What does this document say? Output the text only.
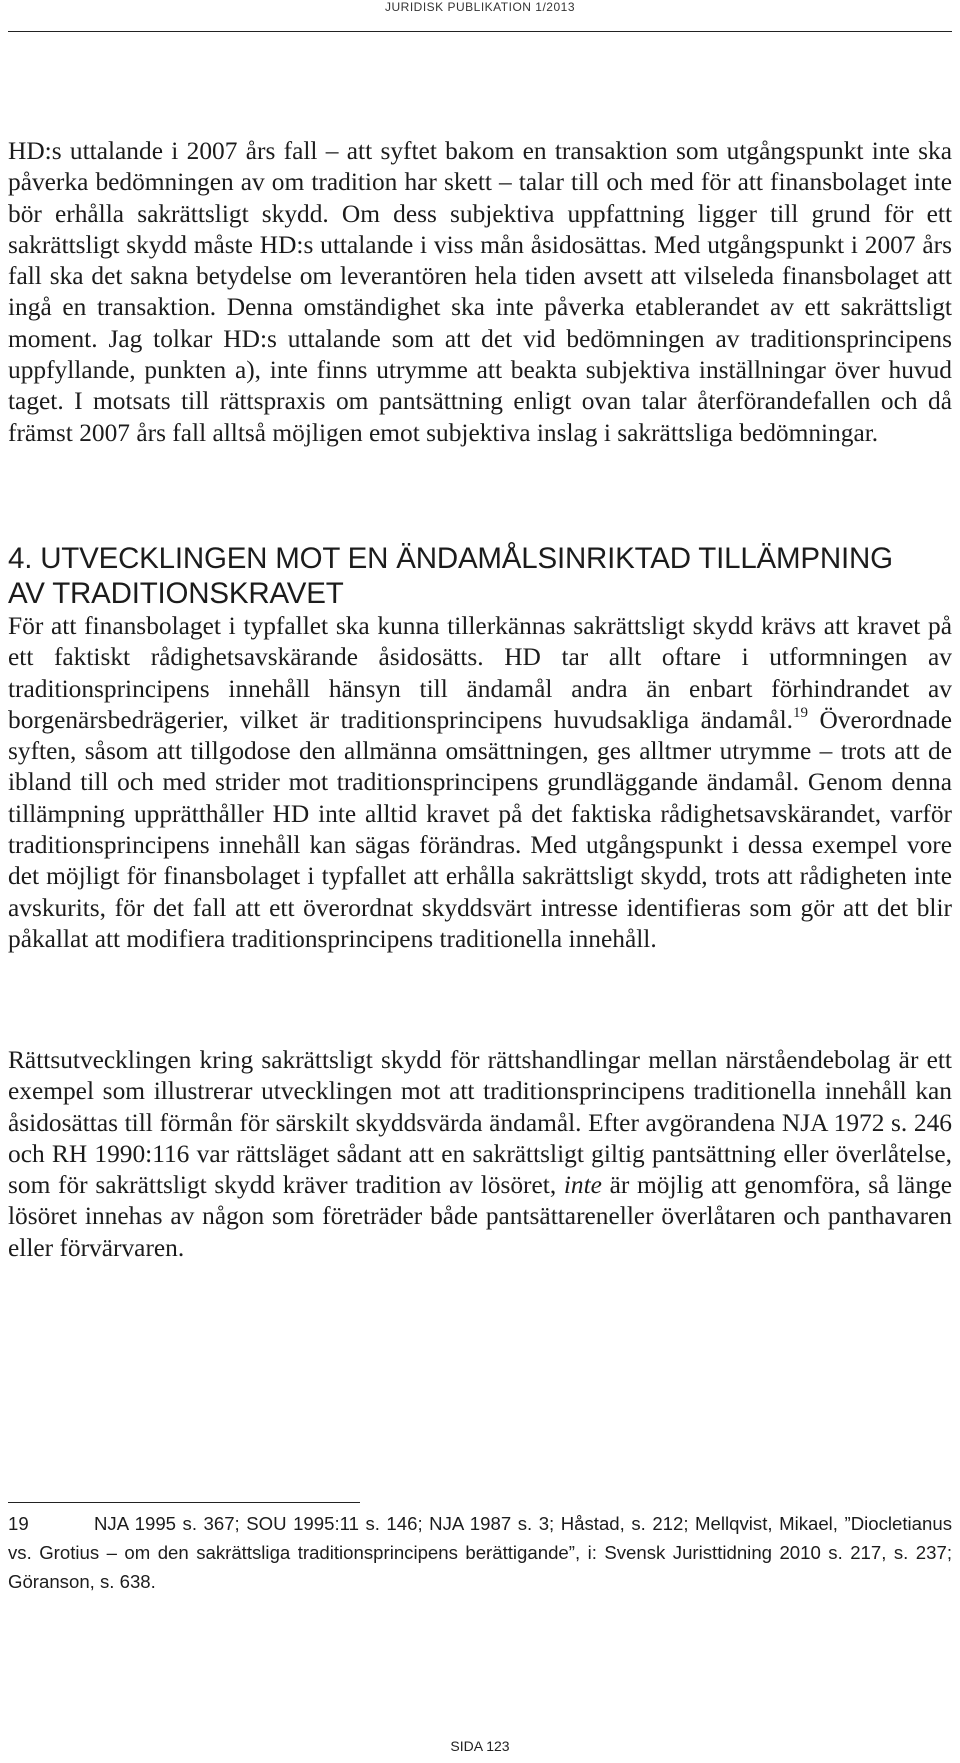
JURIDISK PUBLIKATION 1/2013

HD:s uttalande i 2007 års fall – att syftet bakom en transaktion som utgångspunkt inte ska påverka bedömningen av om tradition har skett – talar till och med för att finansbolaget inte bör erhålla sakrättsligt skydd. Om dess subjektiva uppfattning ligger till grund för ett sakrättsligt skydd måste HD:s uttalande i viss mån åsidosättas. Med utgångspunkt i 2007 års fall ska det sakna betydelse om leverantören hela tiden avsett att vilseleda finansbolaget att ingå en transaktion. Denna omständighet ska inte påverka etablerandet av ett sakrättsligt moment. Jag tolkar HD:s uttalande som att det vid bedömningen av traditionsprincipens uppfyllande, punkten a), inte finns utrymme att beakta subjektiva inställningar över huvud taget. I motsats till rättspraxis om pantsättning enligt ovan talar återförandefallen och då främst 2007 års fall alltså möjligen emot subjektiva inslag i sakrättsliga bedömningar.

4. UTVECKLINGEN MOT EN ÄNDAMÅLSINRIKTAD TILLÄMPNING
AV TRADITIONSKRAVET

För att finansbolaget i typfallet ska kunna tillerkännas sakrättsligt skydd krävs att kravet på ett faktiskt rådighetsavskärande åsidosätts. HD tar allt oftare i utformningen av traditionsprincipens innehåll hänsyn till ändamål andra än enbart förhindrandet av borgenärsbedrägerier, vilket är traditionsprincipens huvudsakliga ändamål.$^{19}$ Överordnade syften, såsom att tillgodose den allmänna omsättningen, ges alltmer utrymme – trots att de ibland till och med strider mot traditionsprincipens grundläggande ändamål. Genom denna tillämpning upprätthåller HD inte alltid kravet på det faktiska rådighetsavskärandet, varför traditionsprincipens innehåll kan sägas förändras. Med utgångspunkt i dessa exempel vore det möjligt för finansbolaget i typfallet att erhålla sakrättsligt skydd, trots att rådigheten inte avskurits, för det fall att ett överordnat skyddsvärt intresse identifieras som gör att det blir påkallat att modifiera traditionsprincipens traditionella innehåll.

Rättsutvecklingen kring sakrättsligt skydd för rättshandlingar mellan närståendebolag är ett exempel som illustrerar utvecklingen mot att traditionsprincipens traditionella innehåll kan åsidosättas till förmån för särskilt skyddsvärda ändamål. Efter avgörandena NJA 1972 s. 246 och RH 1990:116 var rättsläget sådant att en sakrättsligt giltig pantsättning eller överlåtelse, som för sakrättsligt skydd kräver tradition av lösöret, inte är möjlig att genomföra, så länge lösöret innehas av någon som företräder både pantsättareneller överlåtaren och panthavaren eller förvärvaren.

19	NJA 1995 s. 367; SOU 1995:11 s. 146; NJA 1987 s. 3; Håstad, s. 212; Mellqvist, Mikael, ”Diocletianus vs. Grotius – om den sakrättsliga traditionsprincipens berättigande”, i: Svensk Juristtidning 2010 s. 217, s. 237; Göranson, s. 638.
SIDA 123
